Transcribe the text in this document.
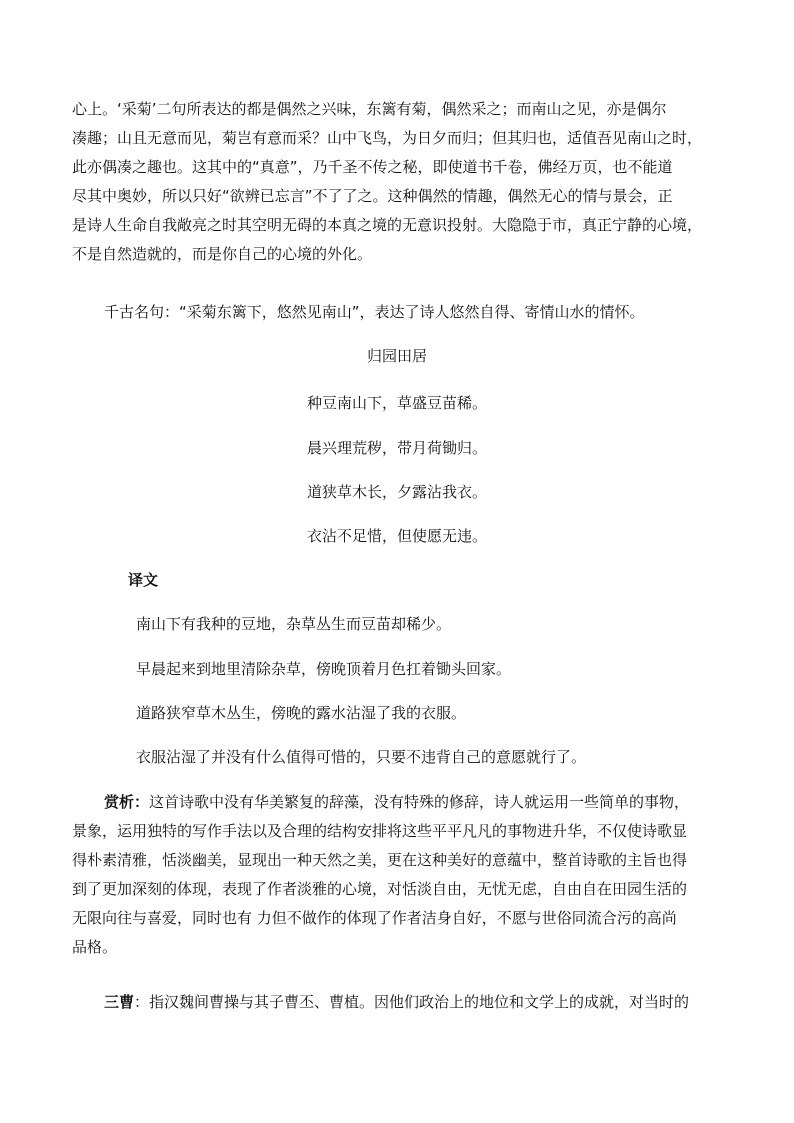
心上。‘采菊’二句所表达的都是偶然之兴味，东篱有菊，偶然采之；而南山之见，亦是偶尔
凑趣；山且无意而见，菊岂有意而采？山中飞鸟，为日夕而归；但其归也，适值吾见南山之时，
此亦偶凑之趣也。这其中的“真意”，乃千圣不传之秘，即使道书千卷，佛经万页，也不能道
尽其中奥妙，所以只好“欲辨已忘言”不了了之。这种偶然的情趣，偶然无心的情与景会，正
是诗人生命自我敞亮之时其空明无碍的本真之境的无意识投射。大隐隐于市，真正宁静的心境，
不是自然造就的，而是你自己的心境的外化。

千古名句：“采菊东篱下，悠然见南山”，表达了诗人悠然自得、寄情山水的情怀。

归园田居

种豆南山下，草盛豆苗稀。

晨兴理荒秽，带月荷锄归。

道狭草木长，夕露沾我衣。

衣沾不足惜，但使愿无违。

译文

南山下有我种的豆地，杂草丛生而豆苗却稀少。

早晨起来到地里清除杂草，傍晚顶着月色扛着锄头回家。

道路狭窄草木丛生，傍晚的露水沾湿了我的衣服。

衣服沾湿了并没有什么值得可惜的，只要不违背自己的意愿就行了。

赏析：这首诗歌中没有华美繁复的辞藻，没有特殊的修辞，诗人就运用一些简单的事物，
景象，运用独特的写作手法以及合理的结构安排将这些平平凡凡的事物进升华，不仅使诗歌显
得朴素清雅，恬淡幽美，显现出一种天然之美，更在这种美好的意蕴中，整首诗歌的主旨也得
到了更加深刻的体现，表现了作者淡雅的心境，对恬淡自由，无忧无虑，自由自在田园生活的
无限向往与喜爱，同时也有 力但不做作的体现了作者洁身自好，不愿与世俗同流合污的高尚
品格。

三曹：指汉魏间曹操与其子曹丕、曹植。因他们政治上的地位和文学上的成就，对当时的
